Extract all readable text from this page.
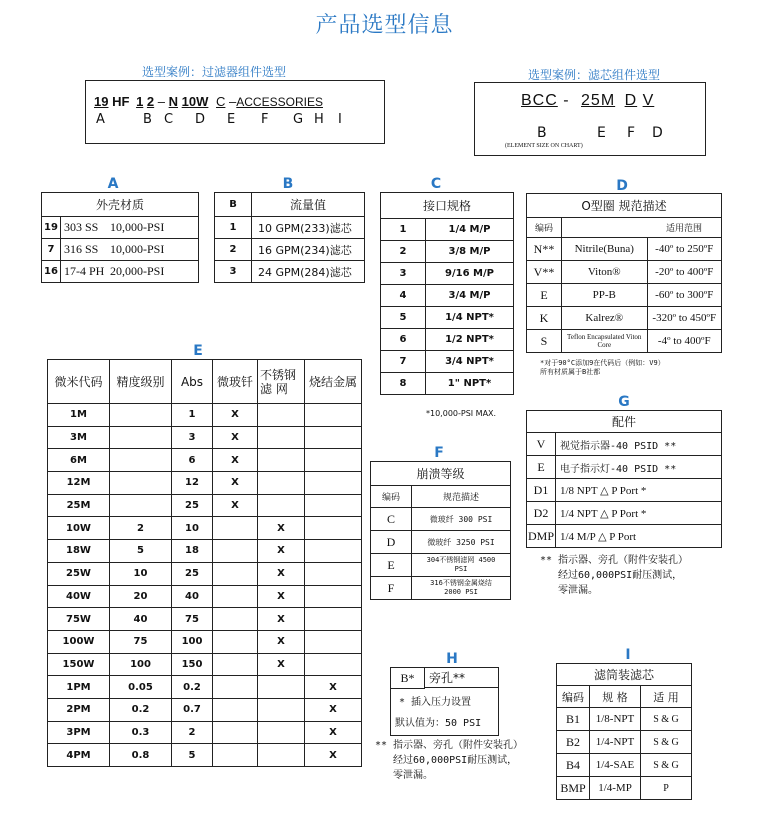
产品选型信息
选型案例：过滤器组件选型
19 HF 1 2 – N 10W C –ACCESSORIES
A	B C D E F G H I
选型案例：滤芯组件选型
BCC - 25M D V
B	E F D
(ELEMENT SIZE ON CHART)
A
外壳材质		
19	303 SS	10,000-PSI
7	316 SS	10,000-PSI
16	17-4 PH	20,000-PSI
B
B	流量值
1	10 GPM(233)滤芯
2	16 GPM(234)滤芯
3	24 GPM(284)滤芯
C
接口规格	
1	1/4 M/P
2	3/8 M/P
3	9/16 M/P
4	3/4 M/P
5	1/4 NPT*
6	1/2 NPT*
7	3/4 NPT*
8	1" NPT*
*10,000-PSI MAX.
D
O型圈 规范描述		
编码		适用范围
N**	Nitrile(Buna)	-40º to 250ºF
V**	Viton®	-20º to 400ºF
E	PP-B	-60º to 300ºF
K	Kalrez®	-320º to 450ºF
S	Teflon Encapsulated Viton Core	-4º to 400ºF
*对于90°C添加9在代码后（例如：V9）
所有材质属于B社都
E
微米代码	精度级别	Abs	微玻钎	不锈钢滤 网	烧结金属
1M		1	X		
3M		3	X		
6M		6	X		
12M		12	X		
25M		25	X		
10W	2	10		X	
18W	5	18		X	
25W	10	25		X	
40W	20	40		X	
75W	40	75		X	
100W	75	100		X	
150W	100	150		X	
1PM	0.05	0.2			X
2PM	0.2	0.7			X
3PM	0.3	2			X
4PM	0.8	5			X
F
崩溃等级	
编码	规范描述
C	微玻纤 300 PSI
D	微玻纤 3250 PSI
E	304不锈钢滤网 4500 PSI
F	316不锈钢金属烧结 2000 PSI
G
配件	
V	视觉指示器-40 PSID **
E	电子指示灯-40 PSID **
D1	1/8 NPT △ P Port *
D2	1/4 NPT △ P Port *
DMP	1/4 M/P △ P Port
** 指示器、旁孔（附件安装孔）
经过60,000PSI耐压测试，
零泄漏。
H
B*	旁孔**
* 插入压力设置
默认值为：50 PSI
** 指示器、旁孔（附件安装孔）
经过60,000PSI耐压测试，
零泄漏。
I
滤筒装滤芯		
编码	规 格	适 用
B1	1/8-NPT	S & G
B2	1/4-NPT	S & G
B4	1/4-SAE	S & G
BMP	1/4-MP	P
